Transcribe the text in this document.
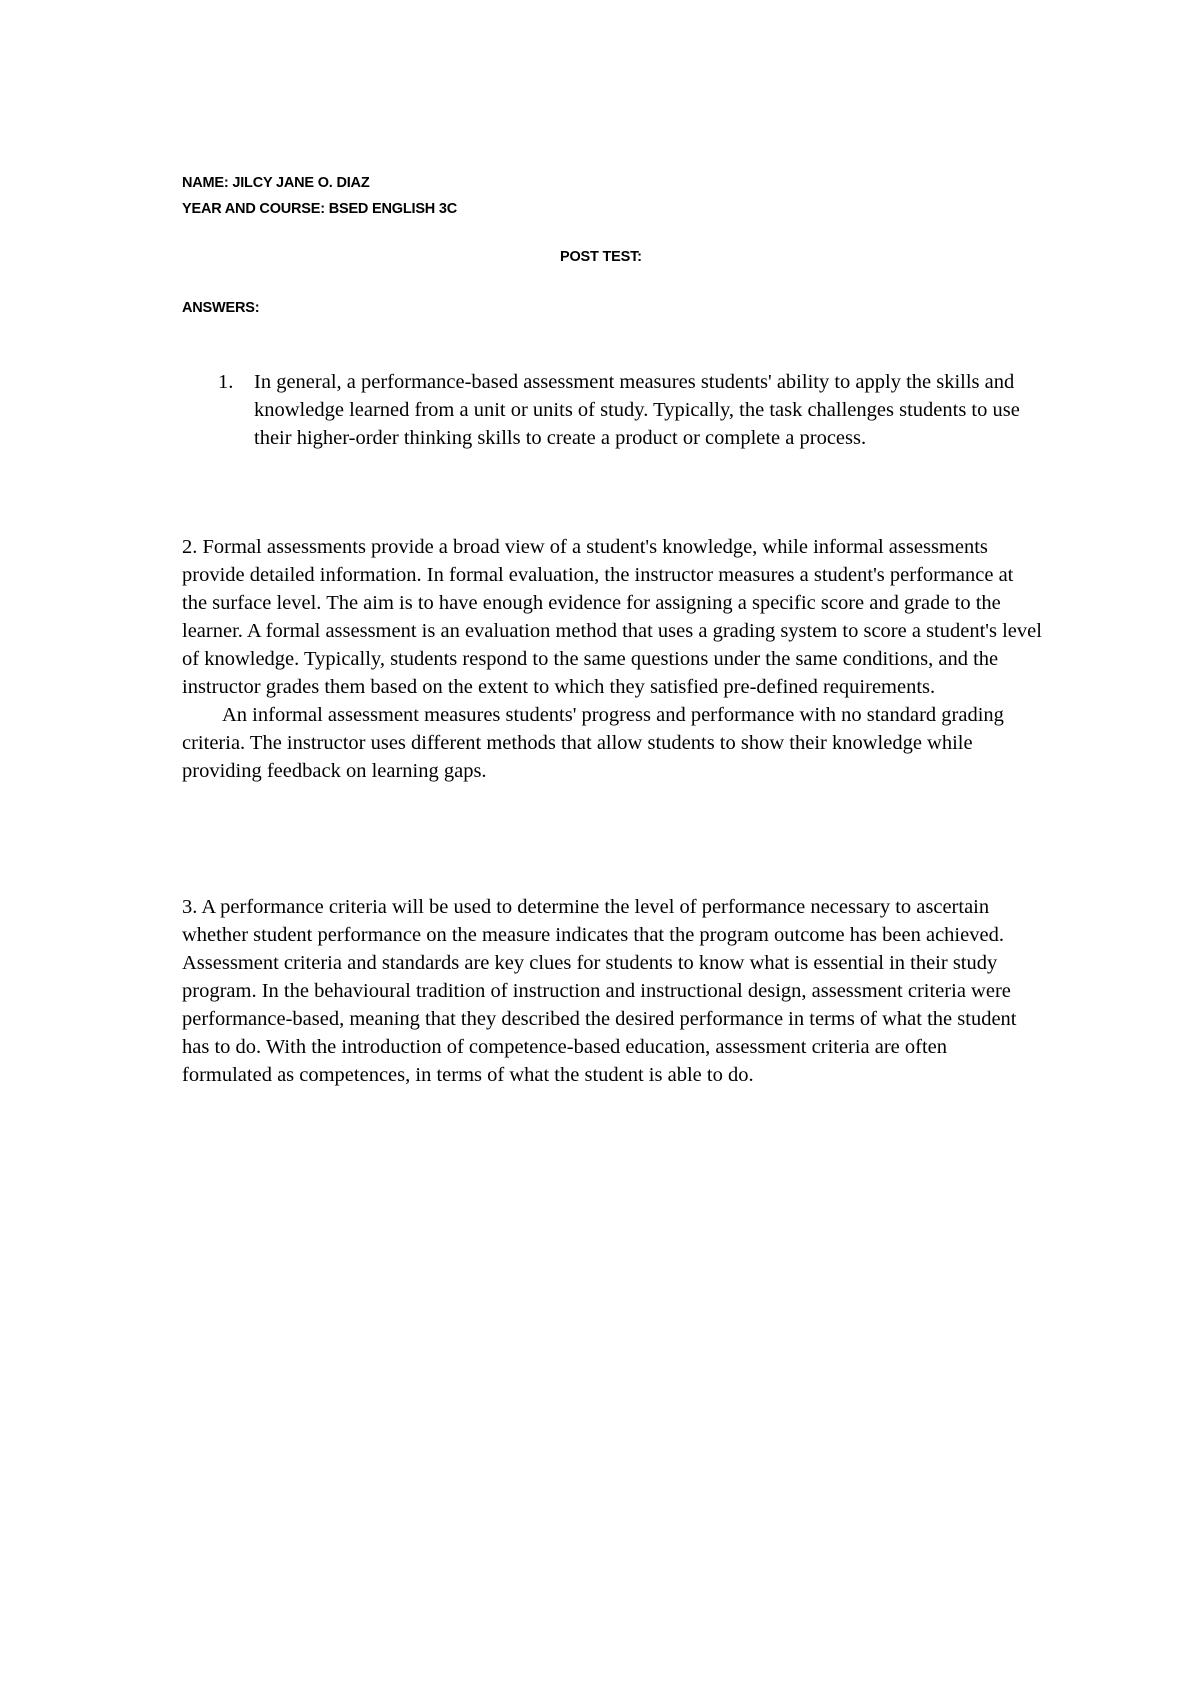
NAME: JILCY JANE O. DIAZ
YEAR AND COURSE: BSED ENGLISH 3C
POST TEST:
ANSWERS:
1.	In general, a performance-based assessment measures students' ability to apply the skills and knowledge learned from a unit or units of study. Typically, the task challenges students to use their higher-order thinking skills to create a product or complete a process.

2. Formal assessments provide a broad view of a student's knowledge, while informal assessments provide detailed information. In formal evaluation, the instructor measures a student's performance at the surface level. The aim is to have enough evidence for assigning a specific score and grade to the learner. A formal assessment is an evaluation method that uses a grading system to score a student's level of knowledge. Typically, students respond to the same questions under the same conditions, and the instructor grades them based on the extent to which they satisfied pre-defined requirements.

An informal assessment measures students' progress and performance with no standard grading criteria. The instructor uses different methods that allow students to show their knowledge while providing feedback on learning gaps.

3. A performance criteria will be used to determine the level of performance necessary to ascertain whether student performance on the measure indicates that the program outcome has been achieved. Assessment criteria and standards are key clues for students to know what is essential in their study program. In the behavioural tradition of instruction and instructional design, assessment criteria were performance-based, meaning that they described the desired performance in terms of what the student has to do. With the introduction of competence-based education, assessment criteria are often formulated as competences, in terms of what the student is able to do.
